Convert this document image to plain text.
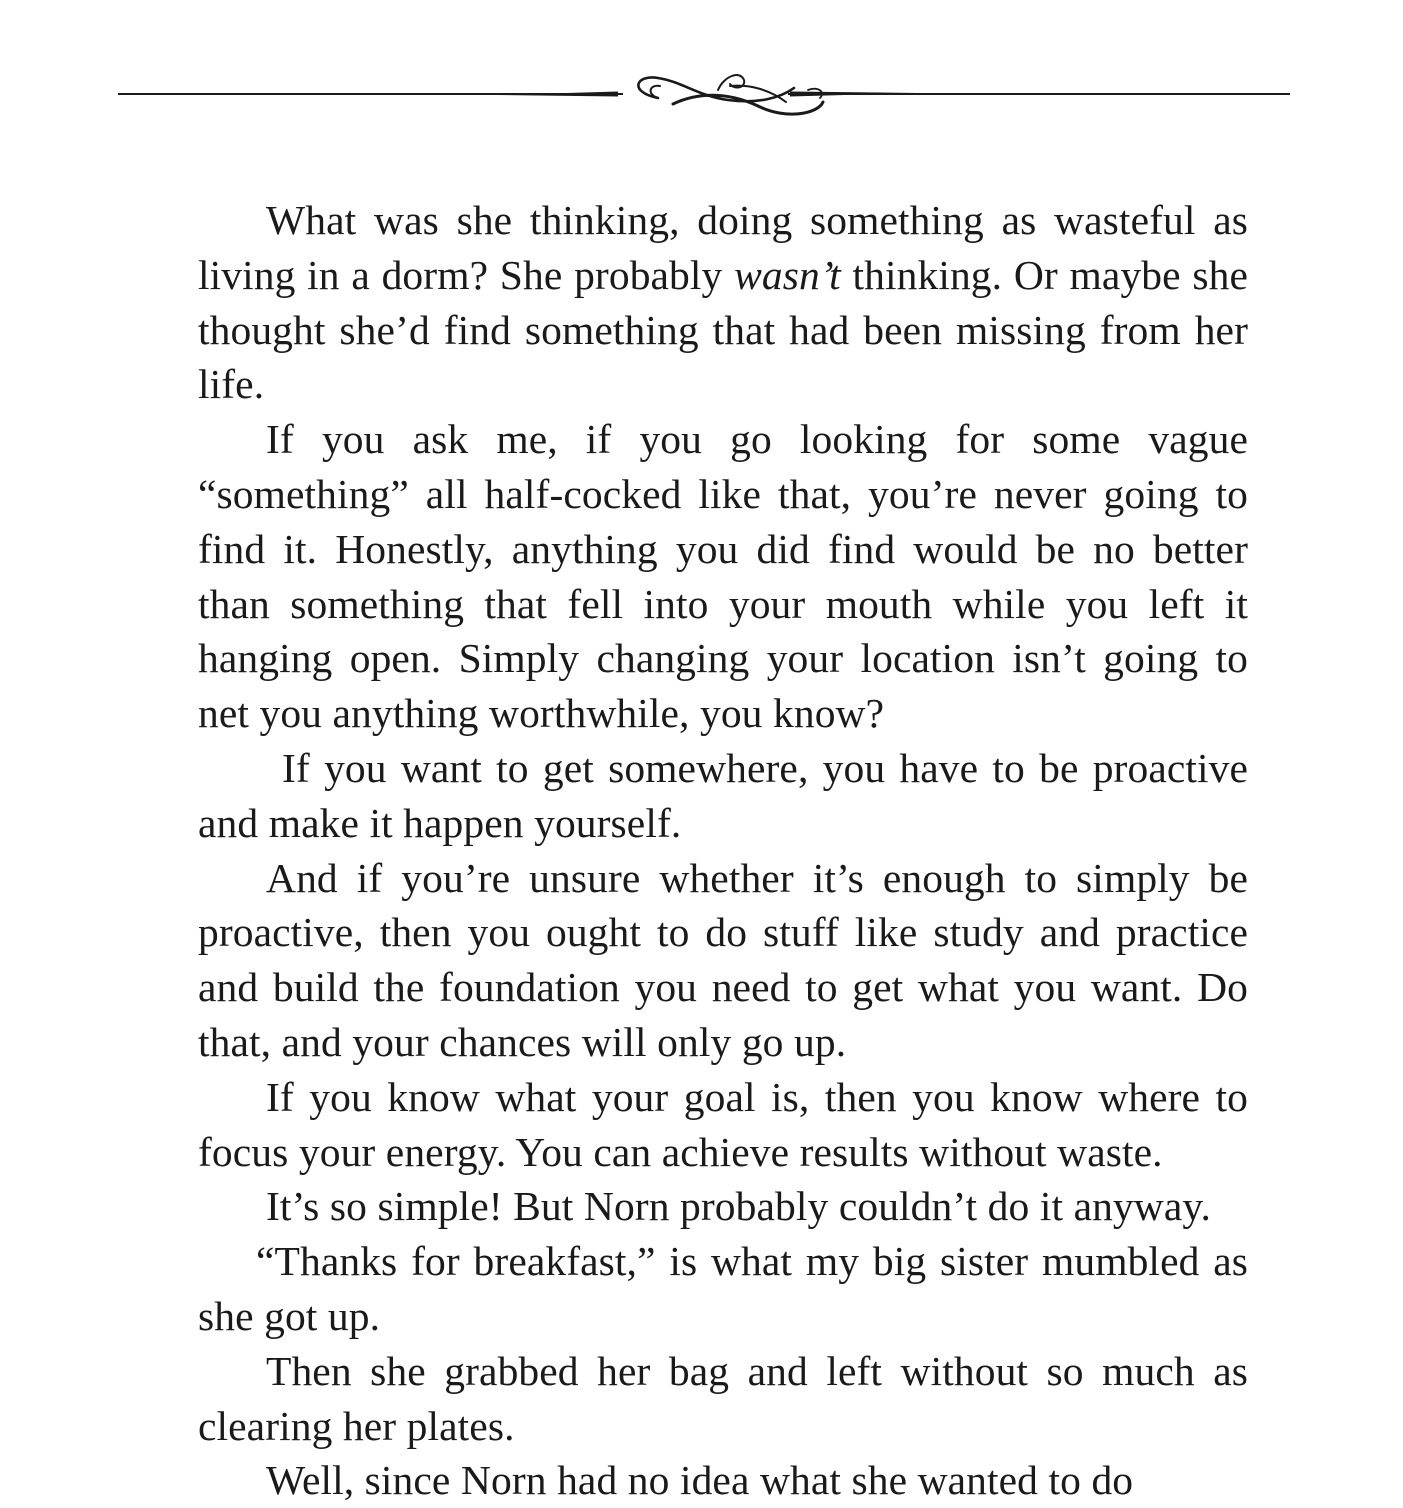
What was she thinking, doing something as wasteful as living in a dorm? She probably wasn’t thinking. Or maybe she thought she’d find something that had been missing from her life.

If you ask me, if you go looking for some vague “something” all half-cocked like that, you’re never going to find it. Honestly, anything you did find would be no better than something that fell into your mouth while you left it hanging open. Simply changing your location isn’t going to net you anything worthwhile, you know?

If you want to get somewhere, you have to be proactive and make it happen yourself.

And if you’re unsure whether it’s enough to simply be proactive, then you ought to do stuff like study and practice and build the foundation you need to get what you want. Do that, and your chances will only go up.

If you know what your goal is, then you know where to focus your energy. You can achieve results without waste.

It’s so simple! But Norn probably couldn’t do it anyway.

“Thanks for breakfast,” is what my big sister mumbled as she got up.

Then she grabbed her bag and left without so much as clearing her plates.

Well, since Norn had no idea what she wanted to do
